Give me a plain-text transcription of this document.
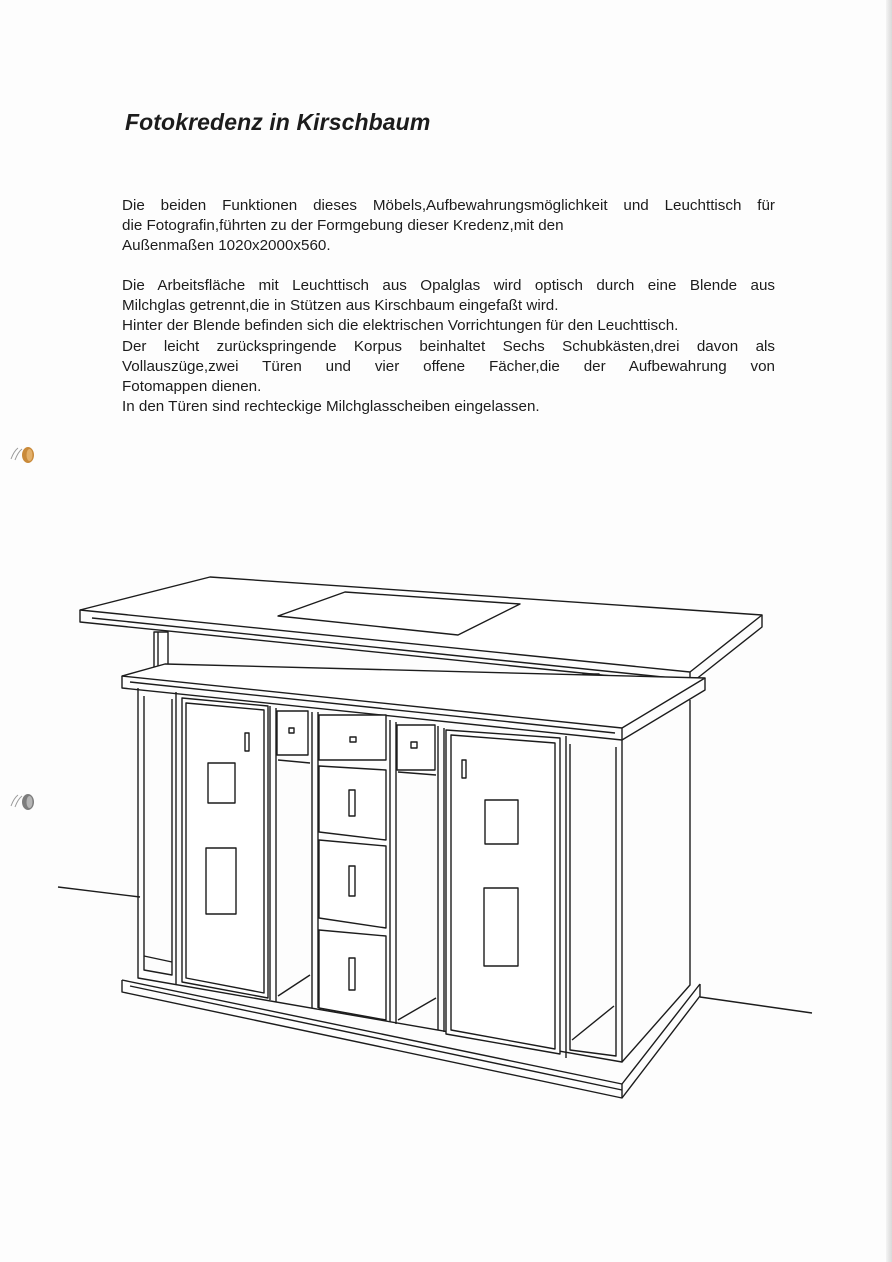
Fotokredenz in Kirschbaum

Die beiden Funktionen dieses Möbels,Aufbewahrungsmöglichkeit und Leuchttisch für

die Fotografin,führten zu der Formgebung dieser Kredenz,mit den

Außenmaßen 1020x2000x560.

Die Arbeitsfläche mit Leuchttisch aus Opalglas wird optisch durch eine Blende aus

Milchglas getrennt,die in Stützen aus Kirschbaum eingefaßt wird.

Hinter der Blende befinden sich die elektrischen Vorrichtungen für den Leuchttisch.

Der leicht zurückspringende Korpus beinhaltet Sechs Schubkästen,drei davon als

Vollauszüge,zwei Türen und vier offene Fächer,die der Aufbewahrung von

Fotomappen dienen.

In den Türen sind rechteckige Milchglasscheiben eingelassen.
